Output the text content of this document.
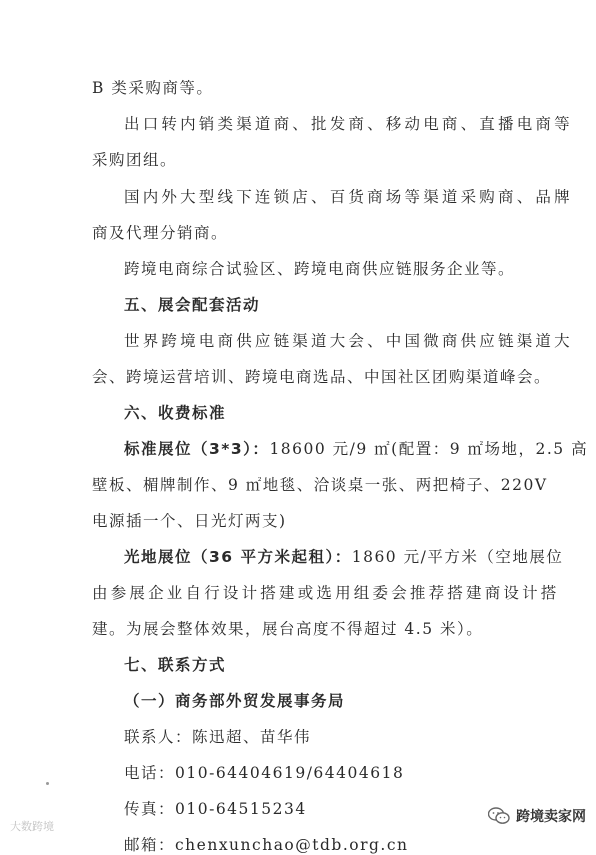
B 类采购商等。
出口转内销类渠道商、批发商、移动电商、直播电商等
采购团组。
国内外大型线下连锁店、百货商场等渠道采购商、品牌
商及代理分销商。
跨境电商综合试验区、跨境电商供应链服务企业等。
五、展会配套活动
世界跨境电商供应链渠道大会、中国微商供应链渠道大
会、跨境运营培训、跨境电商选品、中国社区团购渠道峰会。
六、收费标准
标准展位（3*3）：18600 元/9 ㎡(配置：9 ㎡场地，2.5 高
壁板、楣牌制作、9 ㎡地毯、洽谈桌一张、两把椅子、220V
电源插一个、日光灯两支)
光地展位（36 平方米起租）：1860 元/平方米（空地展位
由参展企业自行设计搭建或选用组委会推荐搭建商设计搭
建。为展会整体效果，展台高度不得超过 4.5 米）。
七、联系方式
（一）商务部外贸发展事务局
联系人：陈迅超、苗华伟
电话：010-64404619/64404618
传真：010-64515234
邮箱：chenxunchao@tdb.org.cn
大数跨境
跨境卖家网
